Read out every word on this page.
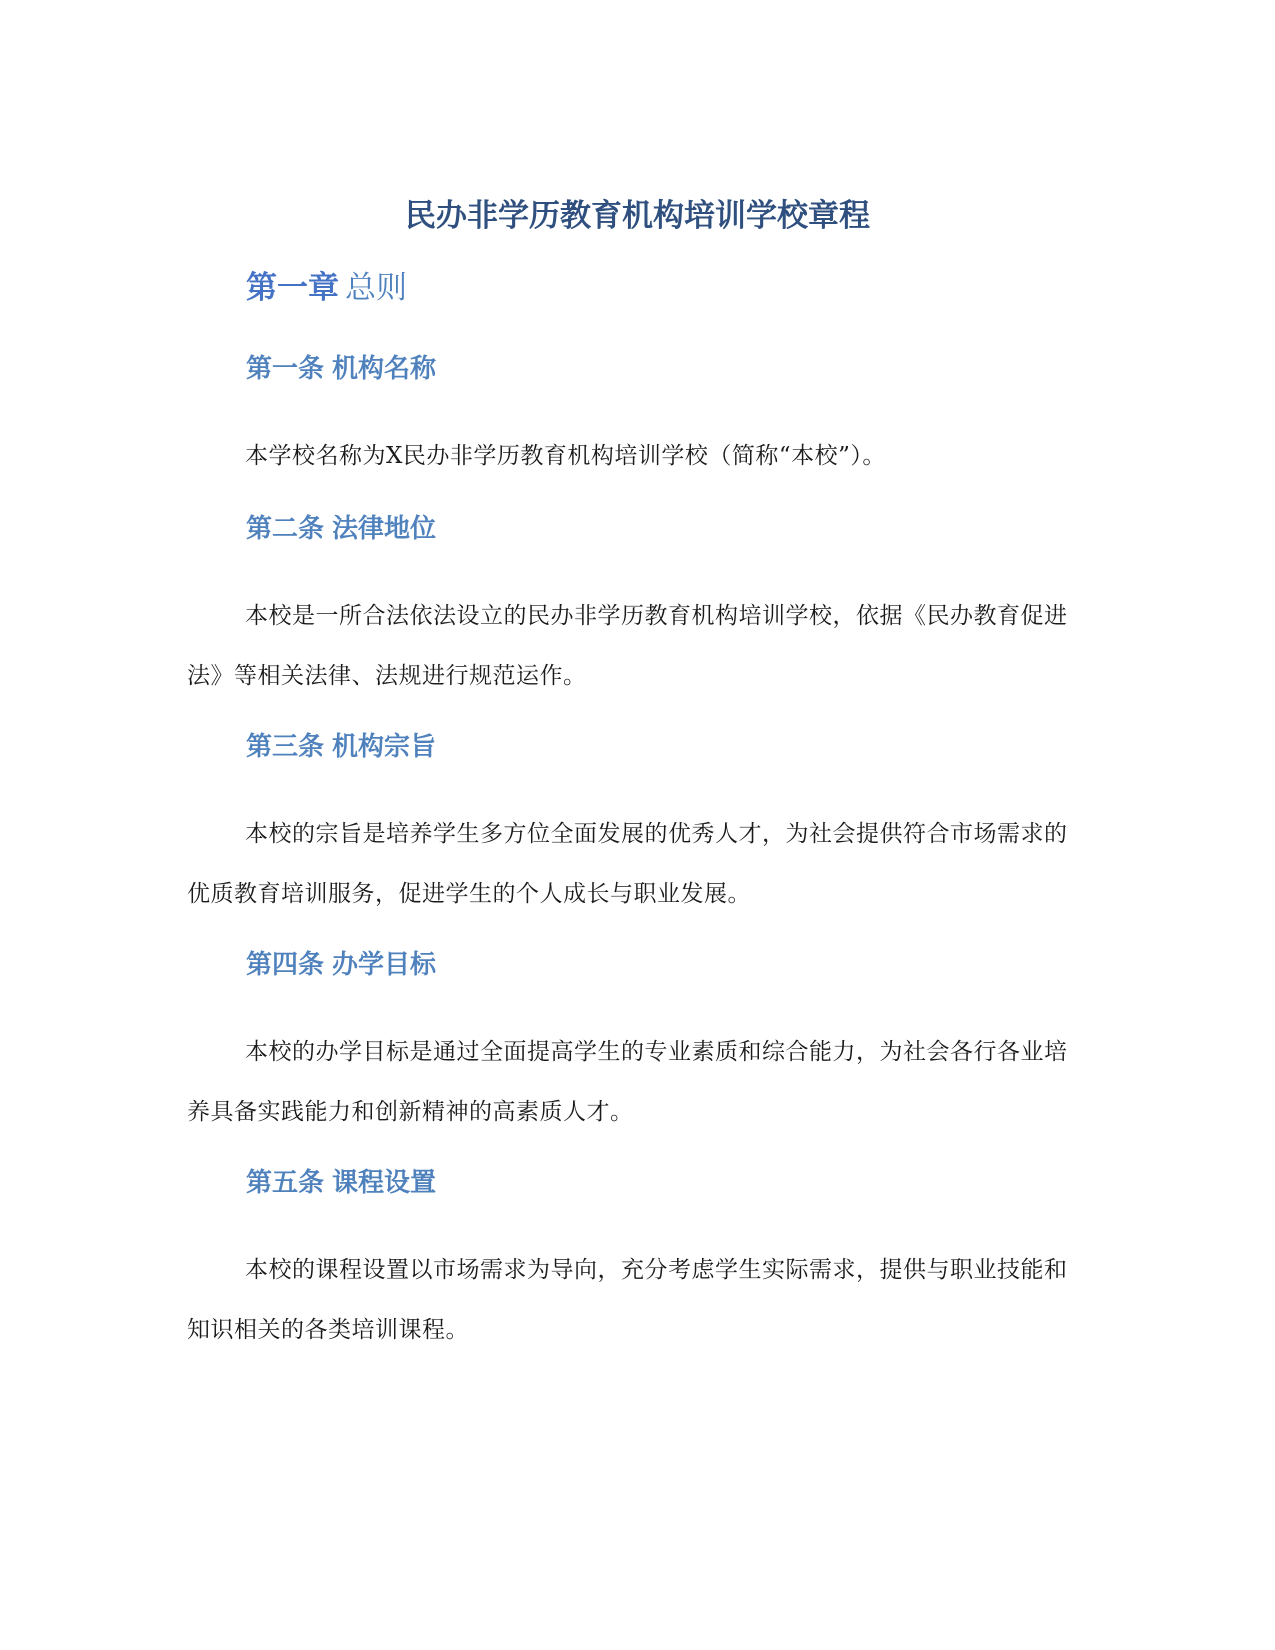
民办非学历教育机构培训学校章程
第一章 总则
第一条 机构名称

本学校名称为X民办非学历教育机构培训学校（简称“本校”）。

第二条 法律地位

本校是一所合法依法设立的民办非学历教育机构培训学校，依据《民办教育促进法》等相关法律、法规进行规范运作。

第三条 机构宗旨

本校的宗旨是培养学生多方位全面发展的优秀人才，为社会提供符合市场需求的优质教育培训服务，促进学生的个人成长与职业发展。

第四条 办学目标

本校的办学目标是通过全面提高学生的专业素质和综合能力，为社会各行各业培养具备实践能力和创新精神的高素质人才。

第五条 课程设置

本校的课程设置以市场需求为导向，充分考虑学生实际需求，提供与职业技能和知识相关的各类培训课程。
